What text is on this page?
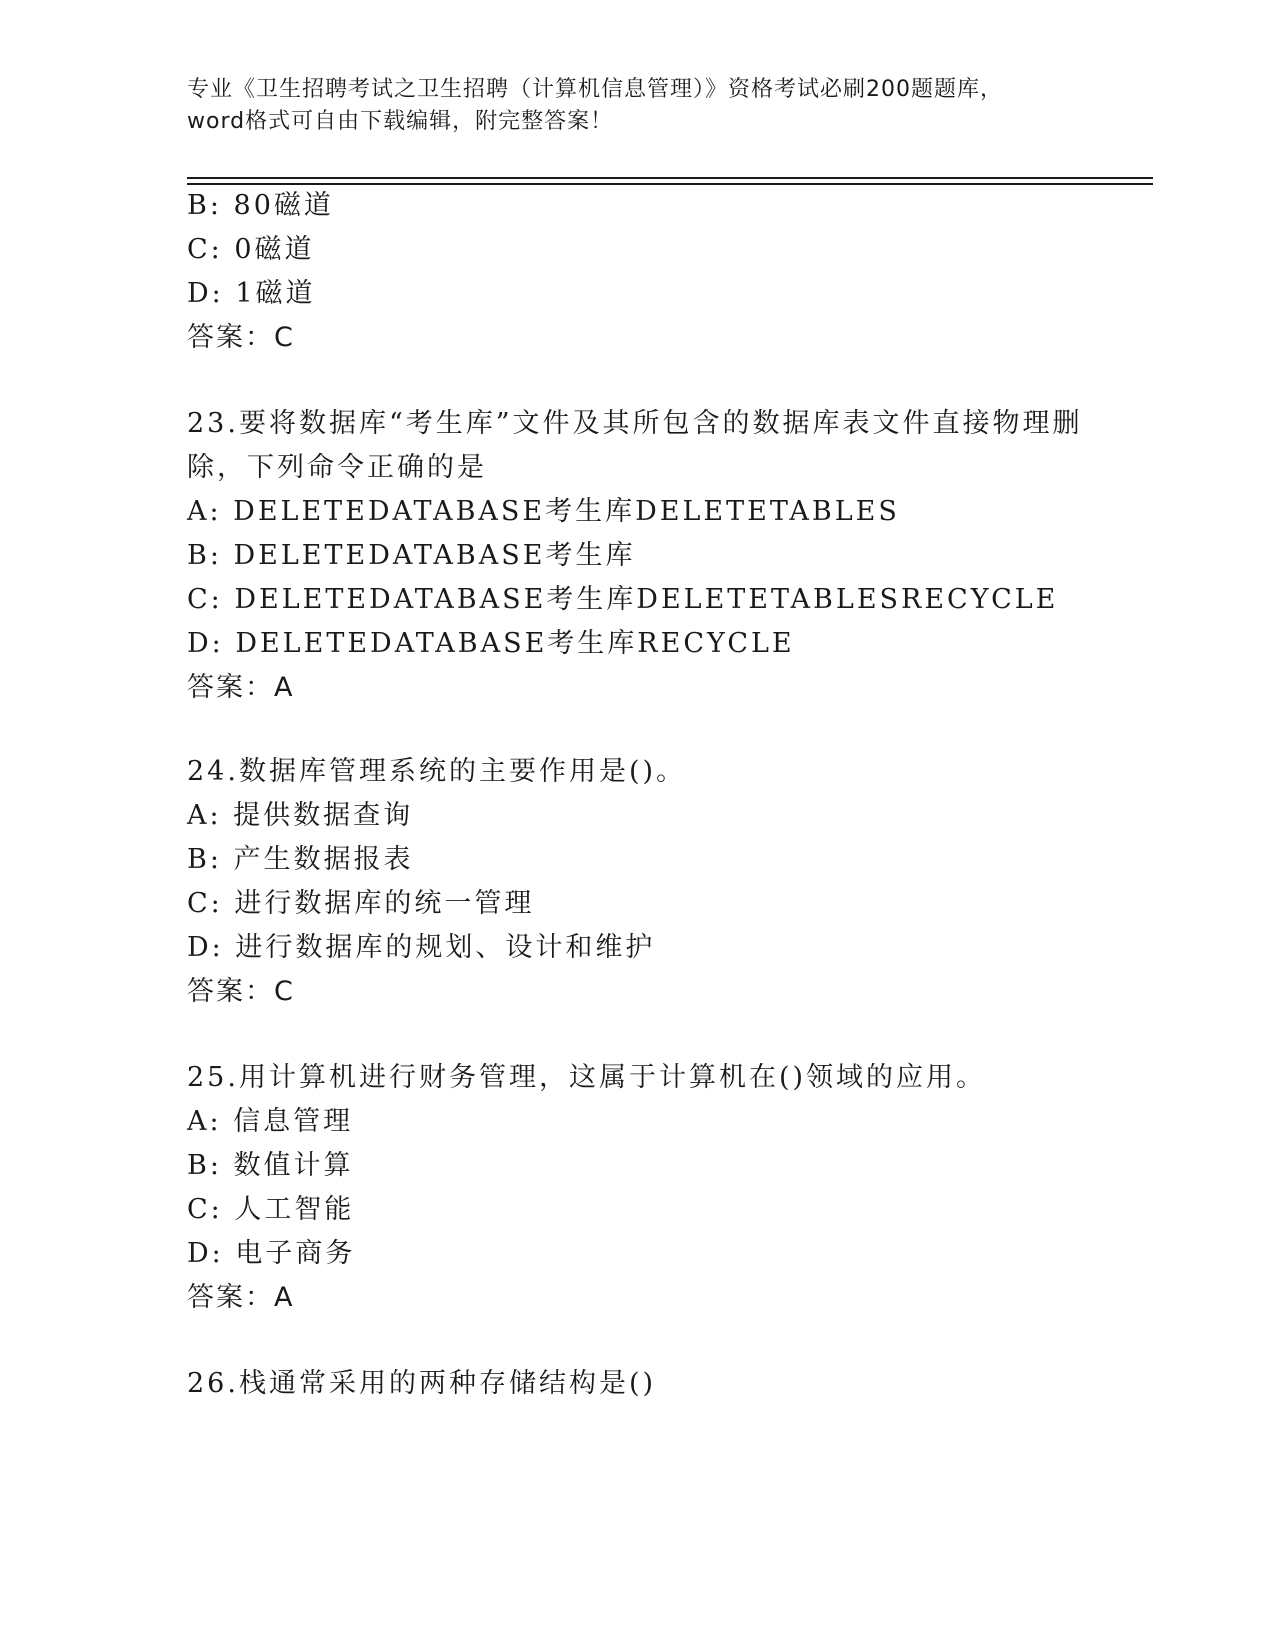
专业《卫生招聘考试之卫生招聘（计算机信息管理）》资格考试必刷200题题库，
word格式可自由下载编辑，附完整答案！
B: 80磁道
C: 0磁道
D: 1磁道
答案：C
23.要将数据库“考生库”文件及其所包含的数据库表文件直接物理删
除，下列命令正确的是
A: DELETEDATABASE考生库DELETETABLES
B: DELETEDATABASE考生库
C: DELETEDATABASE考生库DELETETABLESRECYCLE
D: DELETEDATABASE考生库RECYCLE
答案：A
24.数据库管理系统的主要作用是()。
A: 提供数据查询
B: 产生数据报表
C: 进行数据库的统一管理
D: 进行数据库的规划、设计和维护
答案：C
25.用计算机进行财务管理，这属于计算机在()领域的应用。
A: 信息管理
B: 数值计算
C: 人工智能
D: 电子商务
答案：A
26.栈通常采用的两种存储结构是()
